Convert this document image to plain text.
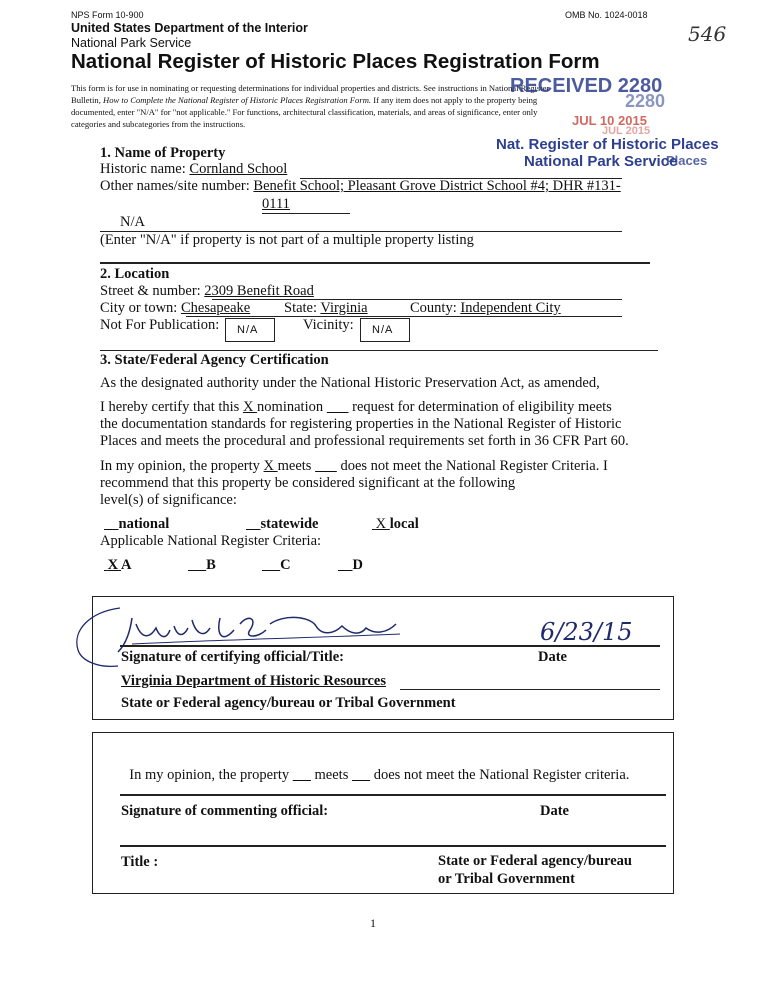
NPS Form 10-900	OMB No. 1024-0018
United States Department of the Interior
National Park Service
National Register of Historic Places Registration Form
546
This form is for use in nominating or requesting determinations for individual properties and districts. See instructions in National Register
Bulletin, How to Complete the National Register of Historic Places Registration Form. If any item does not apply to the property being
documented, enter "N/A" for "not applicable." For functions, architectural classification, materials, and areas of significance, enter only
categories and subcategories from the instructions.
RECEIVED 2280
2280
JUL 10 2015
JUL 2015
Nat. Register of Historic Places
National Park Service
Places
1. Name of Property
Historic name: Cornland School
Other names/site number: Benefit School; Pleasant Grove District School #4; DHR #131-
0111
N/A
(Enter "N/A" if property is not part of a multiple property listing
2. Location
Street & number: 2309 Benefit Road
City or town: Chesapeake State: Virginia	County: Independent City
Not For Publication: N/A	Vicinity: N/A
3. State/Federal Agency Certification
As the designated authority under the National Historic Preservation Act, as amended,
I hereby certify that this X nomination        request for determination of eligibility meets
the documentation standards for registering properties in the National Register of Historic
Places and meets the procedural and professional requirements set forth in 36 CFR Part 60.
In my opinion, the property X meets        does not meet the National Register Criteria. I
recommend that this property be considered significant at the following
level(s) of significance:
national	statewide	X local
Applicable National Register Criteria:
X A	B	C	D
6/23/15
Signature of certifying official/Title:	Date
Virginia Department of Historic Resources
State or Federal agency/bureau or Tribal Government

In my opinion, the property       meets       does not meet the National Register criteria.

Signature of commenting official:	Date
Title :	State or Federal agency/bureau
or Tribal Government
1
